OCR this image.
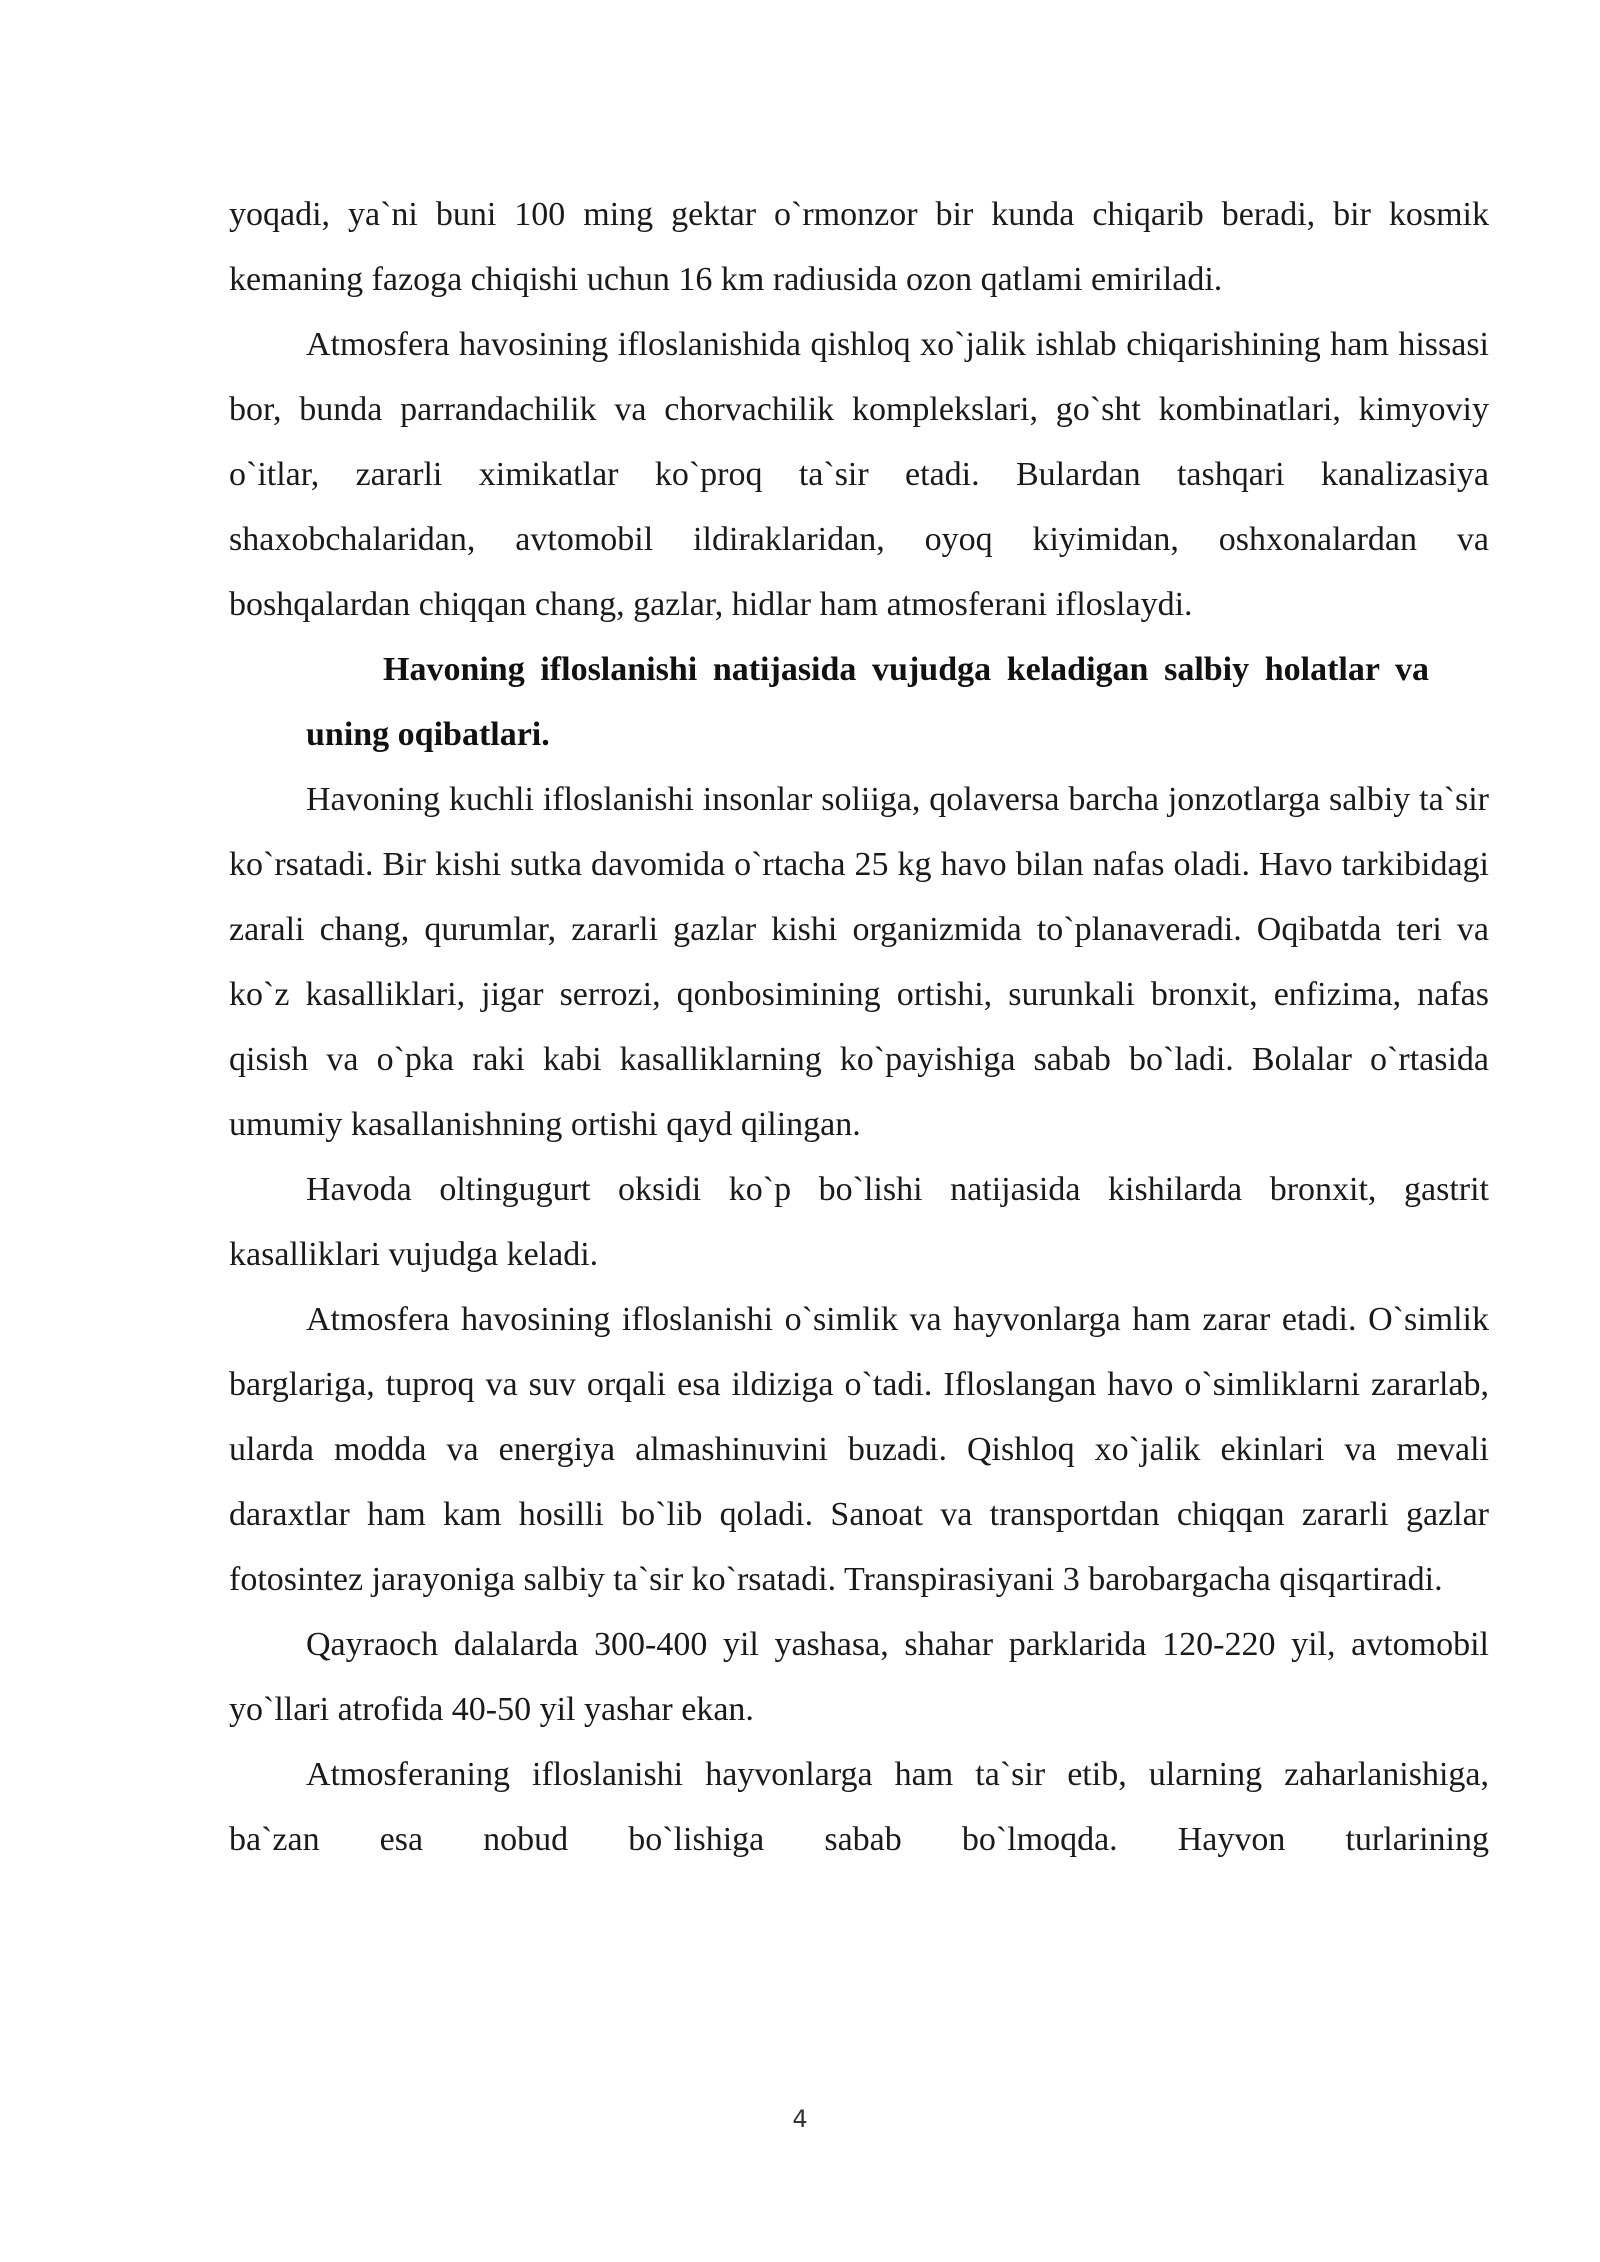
yoqadi, ya`ni buni 100 ming gektar o`rmonzor bir kunda chiqarib beradi, bir kosmik kemaning fazoga chiqishi uchun 16 km radiusida ozon qatlami emiriladi.

Atmosfera havosining ifloslanishida qishloq xo`jalik ishlab chiqarishining ham hissasi bor, bunda parrandachilik va chorvachilik komplekslari, go`sht kombinatlari, kimyoviy o`itlar, zararli ximikatlar ko`proq ta`sir etadi. Bulardan tashqari kanalizasiya shaxobchalaridan, avtomobil ildiraklaridan, oyoq kiyimidan, oshxonalardan va boshqalardan chiqqan chang, gazlar, hidlar ham atmosferani ifloslaydi.

Havoning ifloslanishi natijasida vujudga keladigan salbiy holatlar va uning oqibatlari.

Havoning kuchli ifloslanishi insonlar soliiga, qolaversa barcha jonzotlarga salbiy ta`sir ko`rsatadi. Bir kishi sutka davomida o`rtacha 25 kg havo bilan nafas oladi. Havo tarkibidagi zaralі chang, qurumlar, zararli gazlar kishi organizmida to`planaveradi. Oqibatda teri va ko`z kasalliklari, jigar serrozi, qonbosimining ortishi, surunkali bronxit, enfizima, nafas qisish va o`pka raki kabi kasalliklarning ko`payishiga sabab bo`ladi. Bolalar o`rtasida umumiy kasallanishning ortishi qayd qilingan.

Havoda oltingugurt oksidi ko`p bo`lishi natijasida kishilarda bronxit, gastrit kasalliklari vujudga keladi.

Atmosfera havosining ifloslanishi o`simlik va hayvonlarga ham zarar etadi. O`simlik barglariga, tuproq va suv orqali esa ildiziga o`tadi. Ifloslangan havo o`simliklarni zararlab, ularda modda va energiya almashinuvini buzadi. Qishloq xo`jalik ekinlari va mevali daraxtlar ham kam hosilli bo`lib qoladi. Sanoat va transportdan chiqqan zararli gazlar fotosintez jarayoniga salbiy ta`sir ko`rsatadi. Transpirasiyani 3 barobargacha qisqartiradi.

Qayraoch dalalarda 300-400 yil yashasa, shahar parklarida 120-220 yil, avtomobil yo`llari atrofida 40-50 yil yashar ekan.

Atmosferaning ifloslanishi hayvonlarga ham ta`sir etib, ularning zaharlanishiga, ba`zan esa nobud bo`lishiga sabab bo`lmoqda. Hayvon turlarining

4
